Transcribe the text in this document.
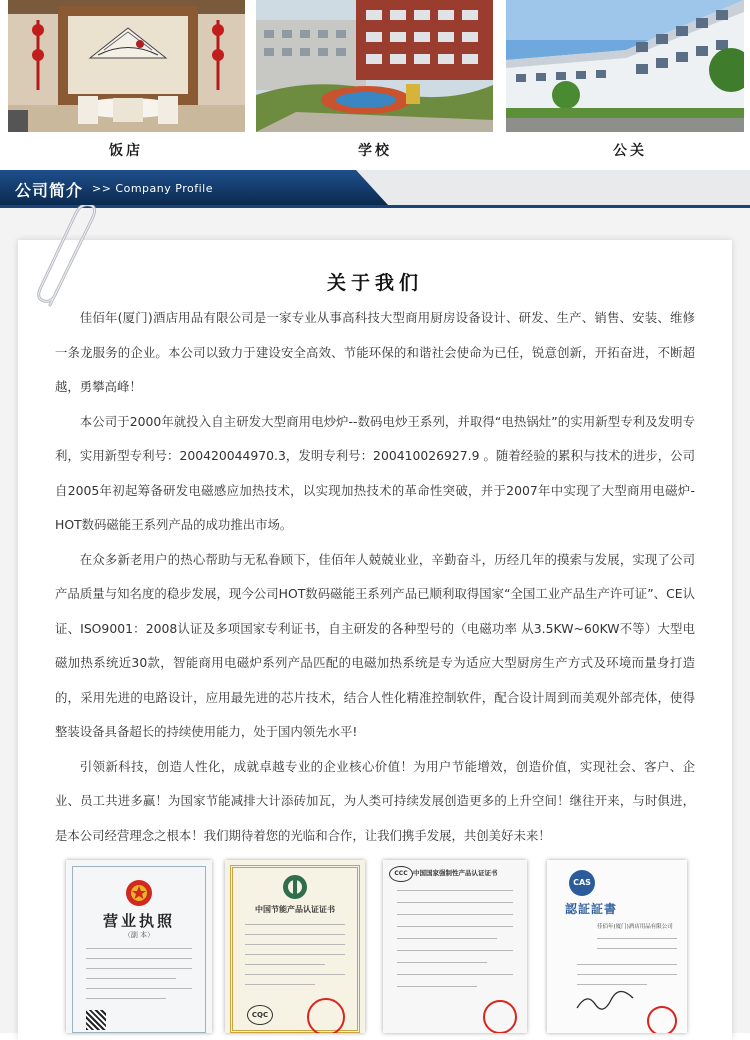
饭店	学校	公关
公司简介 >> Company Profile
关于我们

佳佰年(厦门)酒店用品有限公司是一家专业从事高科技大型商用厨房设备设计、研发、生产、销售、安装、维修一条龙服务的企业。本公司以致力于建设安全高效、节能环保的和谐社会使命为已任，锐意创新，开拓奋进，不断超越，勇攀高峰！

本公司于2000年就投入自主研发大型商用电炒炉--数码电炒王系列，并取得“电热锅灶”的实用新型专利及发明专利，实用新型专利号：200420044970.3，发明专利号：200410026927.9 。随着经验的累积与技术的进步，公司自2005年初起筹备研发电磁感应加热技术，以实现加热技术的革命性突破，并于2007年中实现了大型商用电磁炉-HOT数码磁能王系列产品的成功推出市场。

在众多新老用户的热心帮助与无私眷顾下，佳佰年人兢兢业业，辛勤奋斗，历经几年的摸索与发展，实现了公司产品质量与知名度的稳步发展，现今公司HOT数码磁能王系列产品已顺利取得国家“全国工业产品生产许可证”、CE认证、ISO9001：2008认证及多项国家专利证书，自主研发的各种型号的（电磁功率 从3.5KW~60KW不等）大型电磁加热系统近30款，智能商用电磁炉系列产品匹配的电磁加热系统是专为适应大型厨房生产方式及环境而量身打造的，采用先进的电路设计，应用最先进的芯片技术，结合人性化精准控制软件，配合设计周到而美观外部壳体，使得整装设备具备超长的持续使用能力，处于国内领先水平!

引领新科技，创造人性化，成就卓越专业的企业核心价值！为用户节能增效，创造价值，实现社会、客户、企业、员工共进多赢！为国家节能减排大计添砖加瓦，为人类可持续发展创造更多的上升空间！继往开来，与时俱进，是本公司经营理念之根本！我们期待着您的光临和合作，让我们携手发展，共创美好未来！

营业执照
（副 本）
中国节能产品认证证书
CQC
CCC 中国国家强制性产品认证证书
CAS
認証証書
佳佰年(厦门)酒店用品有限公司
